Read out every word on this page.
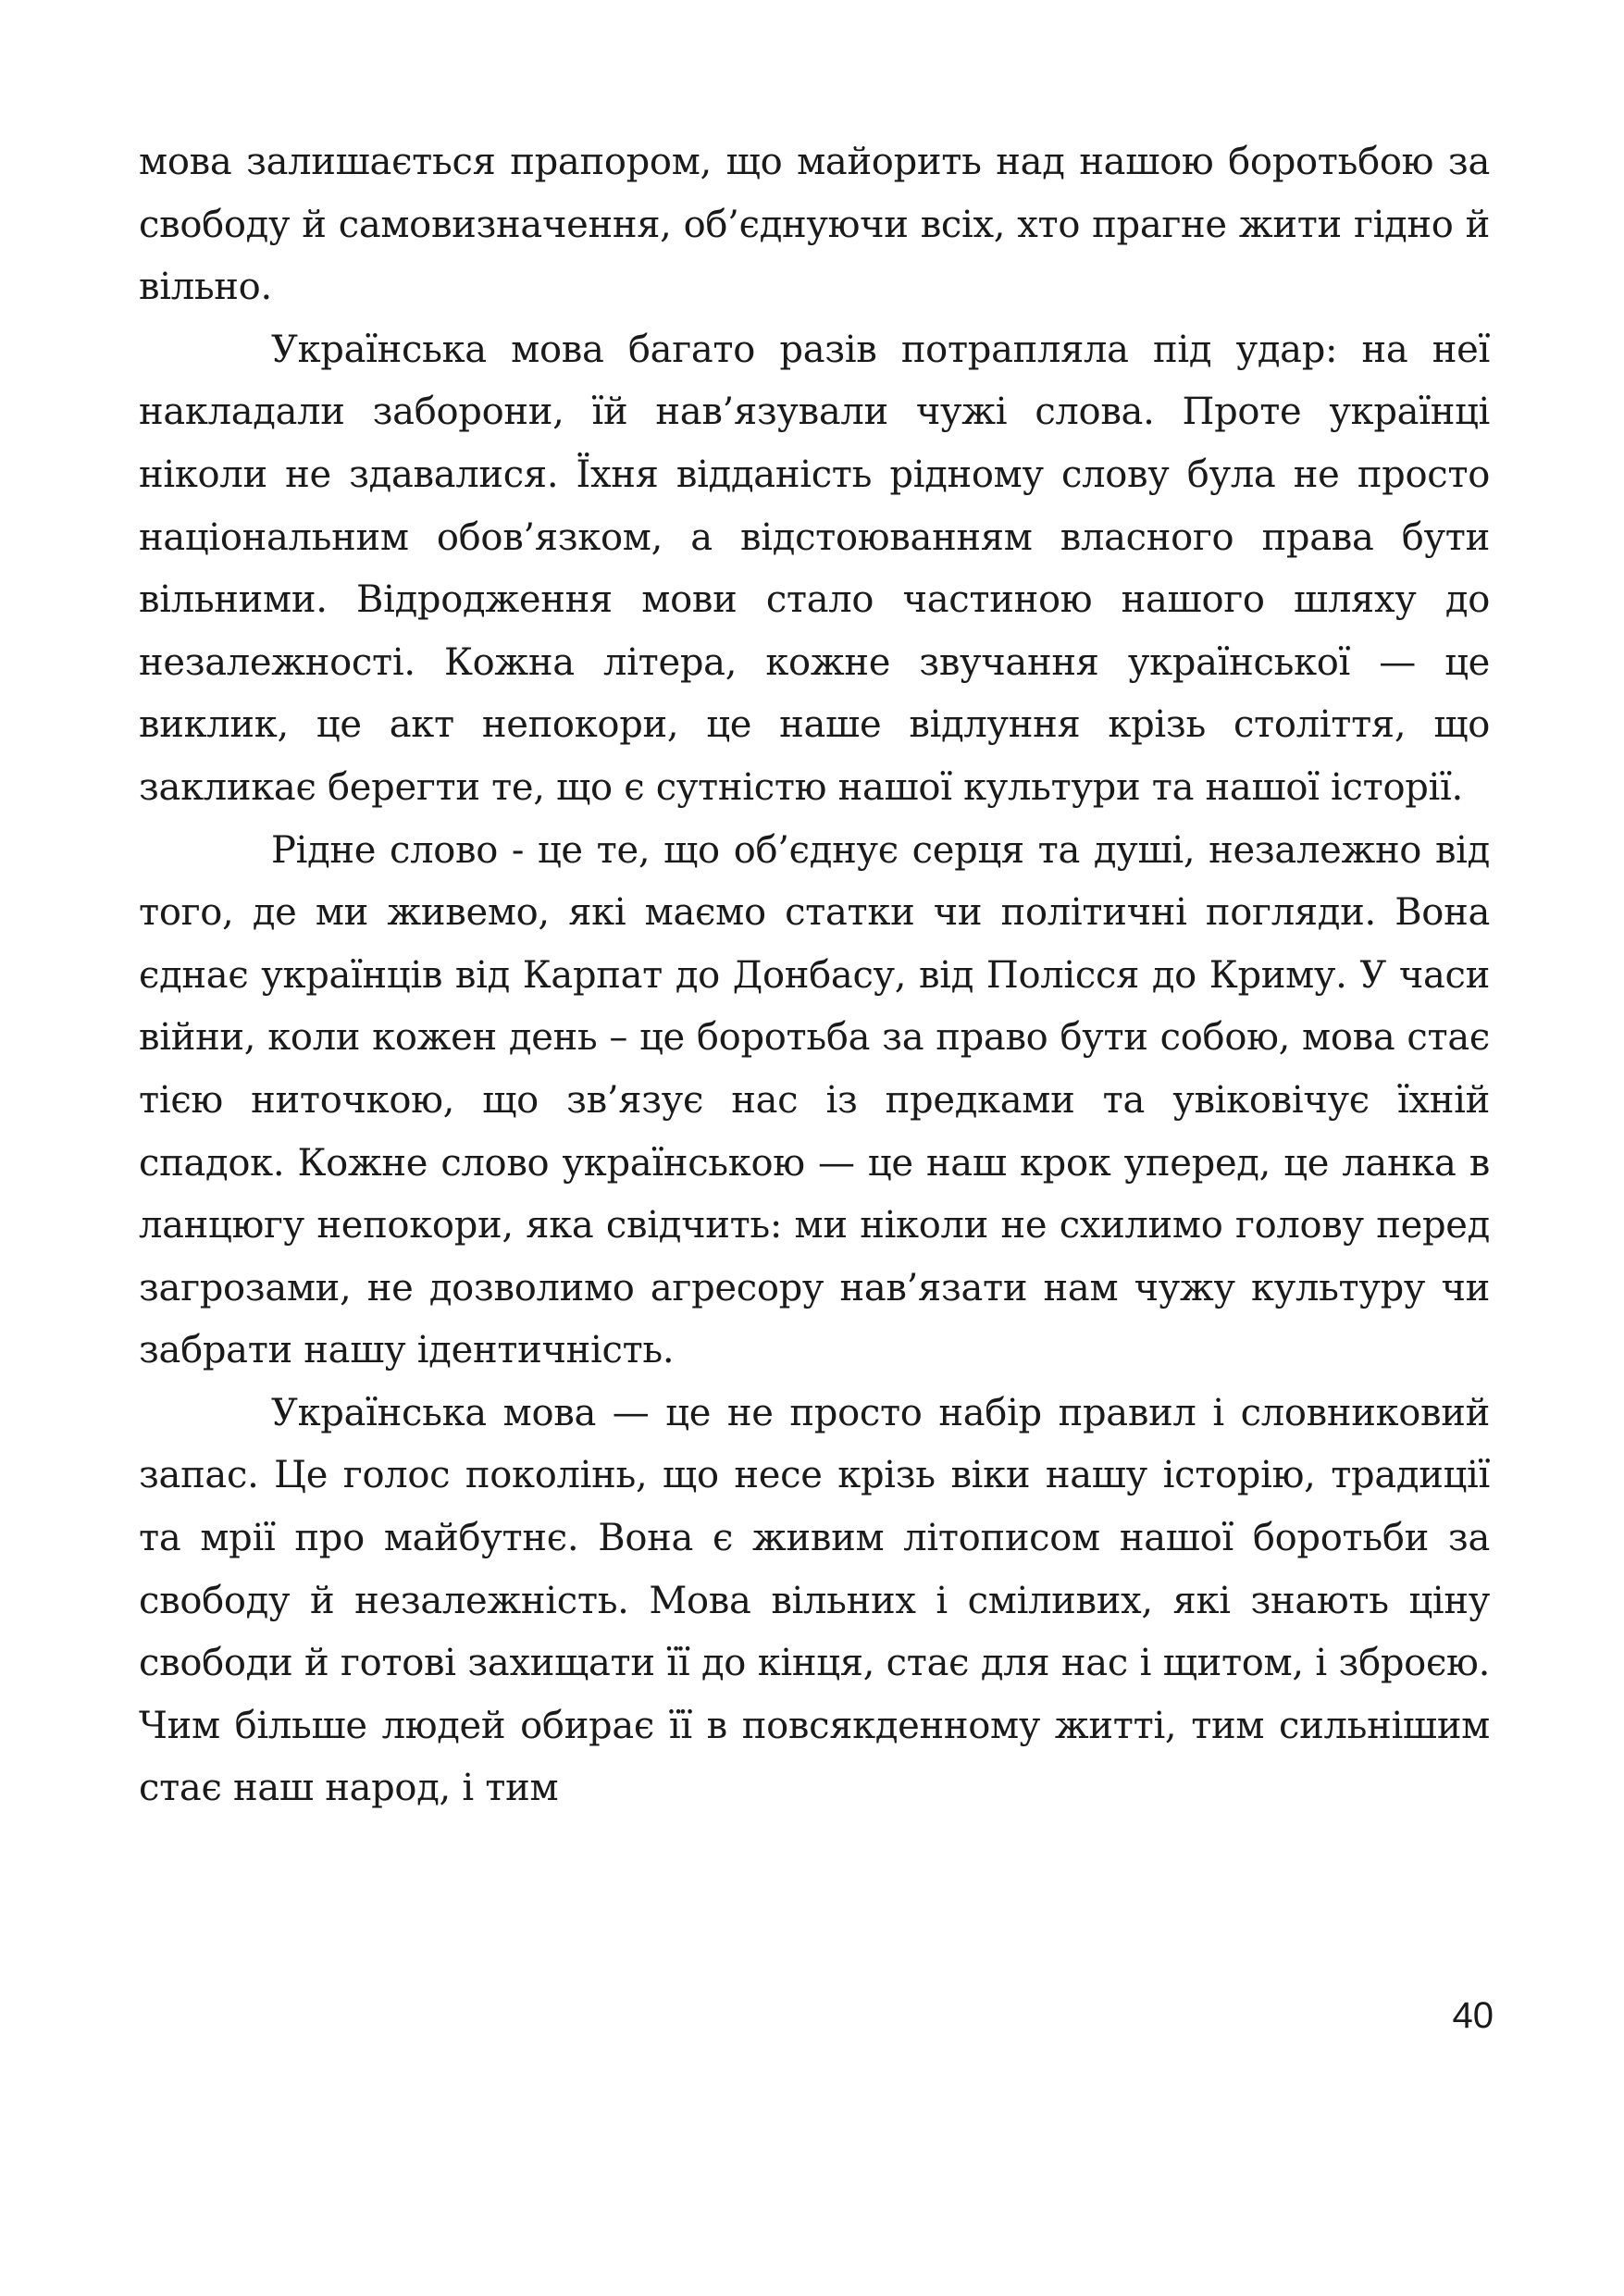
мова залишається прапором, що майорить над нашою боротьбою за свободу й самовизначення, об’єднуючи всіх, хто прагне жити гідно й вільно.

Українська мова багато разів потрапляла під удар: на неї накладали заборони, їй нав’язували чужі слова. Проте українці ніколи не здавалися. Їхня відданість рідному слову була не просто національним обов’язком, а відстоюванням власного права бути вільними. Відродження мови стало частиною нашого шляху до незалежності. Кожна літера, кожне звучання української — це виклик, це акт непокори, це наше відлуння крізь століття, що закликає берегти те, що є сутністю нашої культури та нашої історії.

Рідне слово - це те, що об’єднує серця та душі, незалежно від того, де ми живемо, які маємо статки чи політичні погляди. Вона єднає українців від Карпат до Донбасу, від Полісся до Криму. У часи війни, коли кожен день – це боротьба за право бути собою, мова стає тією ниточкою, що зв’язує нас із предками та увіковічує їхній спадок. Кожне слово українською — це наш крок уперед, це ланка в ланцюгу непокори, яка свідчить: ми ніколи не схилимо голову перед загрозами, не дозволимо агресору нав’язати нам чужу культуру чи забрати нашу ідентичність.

Українська мова — це не просто набір правил і словниковий запас. Це голос поколінь, що несе крізь віки нашу історію, традиції та мрії про майбутнє. Вона є живим літописом нашої боротьби за свободу й незалежність. Мова вільних і сміливих, які знають ціну свободи й готові захищати її до кінця, стає для нас і щитом, і зброєю. Чим більше людей обирає її в повсякденному житті, тим сильнішим стає наш народ, і тим

40
